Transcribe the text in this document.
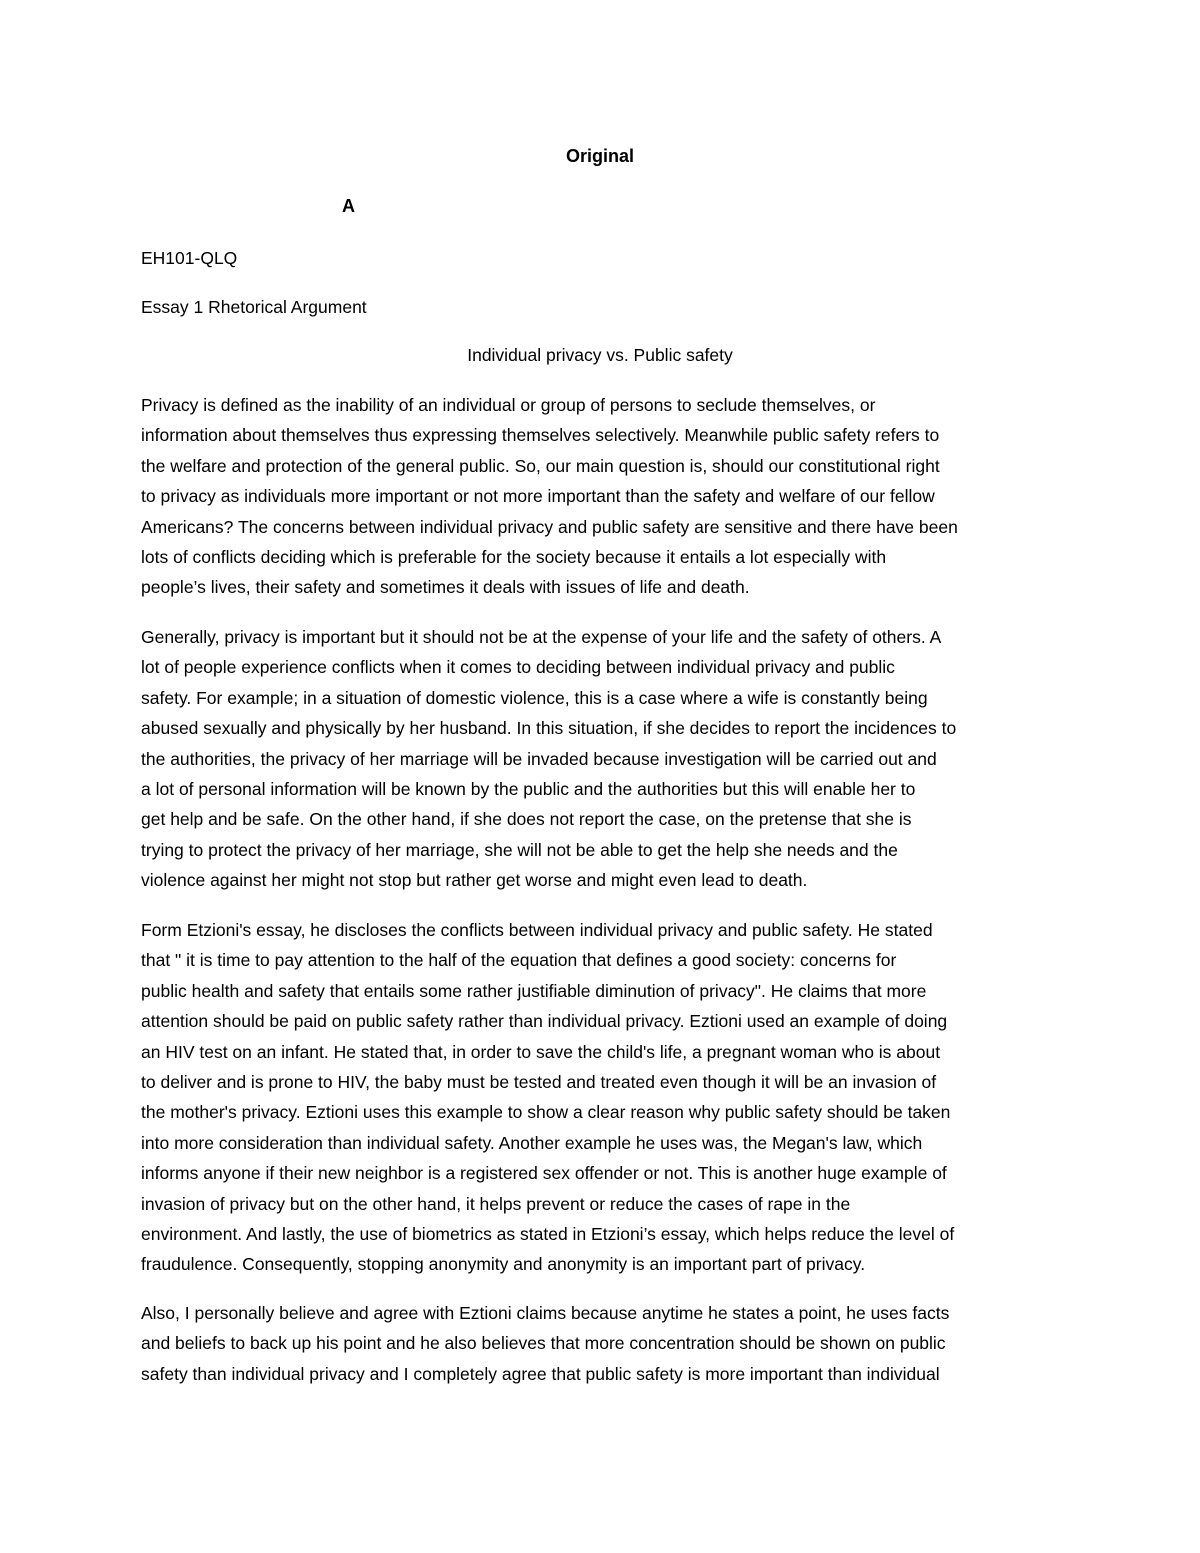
Original
A
EH101-QLQ
Essay 1 Rhetorical Argument
Individual privacy vs. Public safety
Privacy is defined as the inability of an individual or group of persons to seclude themselves, or
information about themselves thus expressing themselves selectively. Meanwhile public safety refers to
the welfare and protection of the general public. So, our main question is, should our constitutional right
to privacy as individuals more important or not more important than the safety and welfare of our fellow
Americans? The concerns between individual privacy and public safety are sensitive and there have been
lots of conflicts deciding which is preferable for the society because it entails a lot especially with
people’s lives, their safety and sometimes it deals with issues of life and death.
Generally, privacy is important but it should not be at the expense of your life and the safety of others. A
lot of people experience conflicts when it comes to deciding between individual privacy and public
safety. For example; in a situation of domestic violence, this is a case where a wife is constantly being
abused sexually and physically by her husband. In this situation, if she decides to report the incidences to
the authorities, the privacy of her marriage will be invaded because investigation will be carried out and
a lot of personal information will be known by the public and the authorities but this will enable her to
get help and be safe. On the other hand, if she does not report the case, on the pretense that she is
trying to protect the privacy of her marriage, she will not be able to get the help she needs and the
violence against her might not stop but rather get worse and might even lead to death.
Form Etzioni's essay, he discloses the conflicts between individual privacy and public safety. He stated
that " it is time to pay attention to the half of the equation that defines a good society: concerns for
public health and safety that entails some rather justifiable diminution of privacy". He claims that more
attention should be paid on public safety rather than individual privacy. Eztioni used an example of doing
an HIV test on an infant. He stated that, in order to save the child's life, a pregnant woman who is about
to deliver and is prone to HIV, the baby must be tested and treated even though it will be an invasion of
the mother's privacy. Eztioni uses this example to show a clear reason why public safety should be taken
into more consideration than individual safety. Another example he uses was, the Megan's law, which
informs anyone if their new neighbor is a registered sex offender or not. This is another huge example of
invasion of privacy but on the other hand, it helps prevent or reduce the cases of rape in the
environment. And lastly, the use of biometrics as stated in Etzioni’s essay, which helps reduce the level of
fraudulence. Consequently, stopping anonymity and anonymity is an important part of privacy.
Also, I personally believe and agree with Eztioni claims because anytime he states a point, he uses facts
and beliefs to back up his point and he also believes that more concentration should be shown on public
safety than individual privacy and I completely agree that public safety is more important than individual
